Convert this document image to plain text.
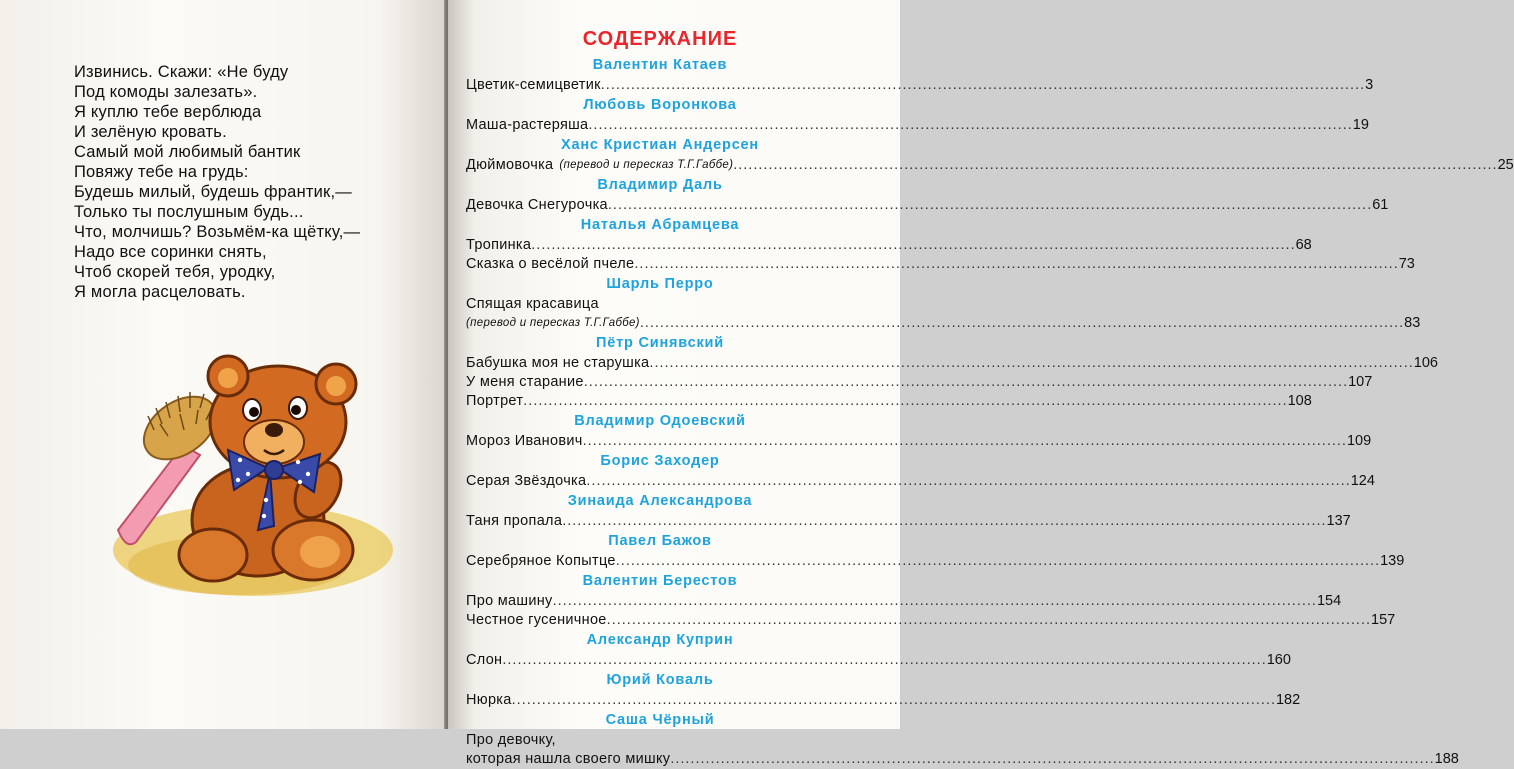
Извинись. Скажи: «Не буду
Под комоды залезать».
Я куплю тебе верблюда
И зелёную кровать.
Самый мой любимый бантик
Повяжу тебе на грудь:
Будешь милый, будешь франтик,—
Только ты послушным будь...
Что, молчишь? Возьмём-ка щётку,—
Надо все соринки снять,
Чтоб скорей тебя, уродку,
Я могла расцеловать.
СОДЕРЖАНИЕ
Валентин Катаев
Цветик-семицветик .....	3
Любовь Воронкова
Маша-растеряша .....	19
Ханс Кристиан Андерсен
Дюймовочка (перевод и пересказ Т.Г.Габбе) .....	25
Владимир Даль
Девочка Снегурочка .....	61
Наталья Абрамцева
Тропинка .....	68
Сказка о весёлой пчеле .....	73
Шарль Перро
Спящая красавица
(перевод и пересказ Т.Г.Габбе) .....	83
Пётр Синявский
Бабушка моя не старушка .....	106
У меня старание .....	107
Портрет .....	108
Владимир Одоевский
Мороз Иванович .....	109
Борис Заходер
Серая Звёздочка .....	124
Зинаида Александрова
Таня пропала .....	137
Павел Бажов
Серебряное Копытце .....	139
Валентин Берестов
Про машину .....	154
Честное гусеничное .....	157
Александр Куприн
Слон .....	160
Юрий Коваль
Нюрка .....	182
Саша Чёрный
Про девочку,
которая нашла своего мишку .....	188
